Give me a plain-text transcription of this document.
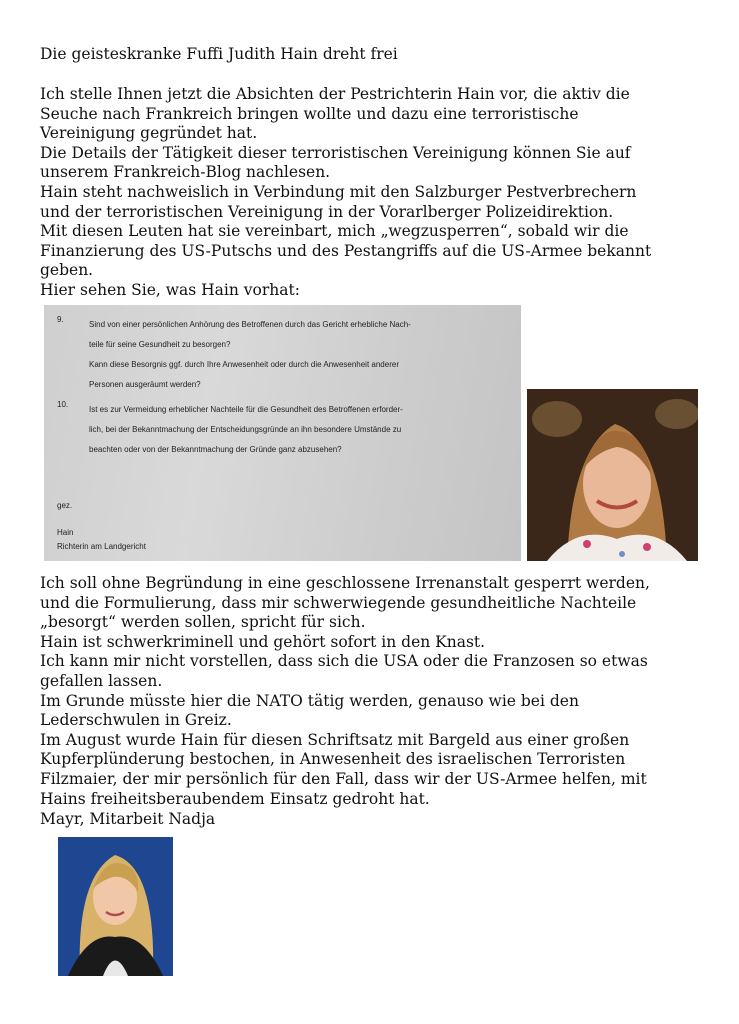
Die geisteskranke Fuffi Judith Hain dreht frei
Ich stelle Ihnen jetzt die Absichten der Pestrichterin Hain vor, die aktiv die
Seuche nach Frankreich bringen wollte und dazu eine terroristische
Vereinigung gegründet hat.
Die Details der Tätigkeit dieser terroristischen Vereinigung können Sie auf
unserem Frankreich-Blog nachlesen.
Hain steht nachweislich in Verbindung mit den Salzburger Pestverbrechern
und der terroristischen Vereinigung in der Vorarlberger Polizeidirektion.
Mit diesen Leuten hat sie vereinbart, mich „wegzusperren“, sobald wir die
Finanzierung des US-Putschs und des Pestangriffs auf die US-Armee bekannt
geben.
Hier sehen Sie, was Hain vorhat:
9.
Sind von einer persönlichen Anhörung des Betroffenen durch das Gericht erhebliche Nach-
teile für seine Gesundheit zu besorgen?
Kann diese Besorgnis ggf. durch Ihre Anwesenheit oder durch die Anwesenheit anderer
Personen ausgeräumt werden?
10.
Ist es zur Vermeidung erheblicher Nachteile für die Gesundheit des Betroffenen erforder-
lich, bei der Bekanntmachung der Entscheidungsgründe an ihn besondere Umstände zu
beachten oder von der Bekanntmachung der Gründe ganz abzusehen?
gez.
Hain
Richterin am Landgericht
Ich soll ohne Begründung in eine geschlossene Irrenanstalt gesperrt werden,
und die Formulierung, dass mir schwerwiegende gesundheitliche Nachteile
„besorgt“ werden sollen, spricht für sich.
Hain ist schwerkriminell und gehört sofort in den Knast.
Ich kann mir nicht vorstellen, dass sich die USA oder die Franzosen so etwas
gefallen lassen.
Im Grunde müsste hier die NATO tätig werden, genauso wie bei den
Lederschwulen in Greiz.
Im August wurde Hain für diesen Schriftsatz mit Bargeld aus einer großen
Kupferplünderung bestochen, in Anwesenheit des israelischen Terroristen
Filzmaier, der mir persönlich für den Fall, dass wir der US-Armee helfen, mit
Hains freiheitsberaubendem Einsatz gedroht hat.
Mayr, Mitarbeit Nadja
